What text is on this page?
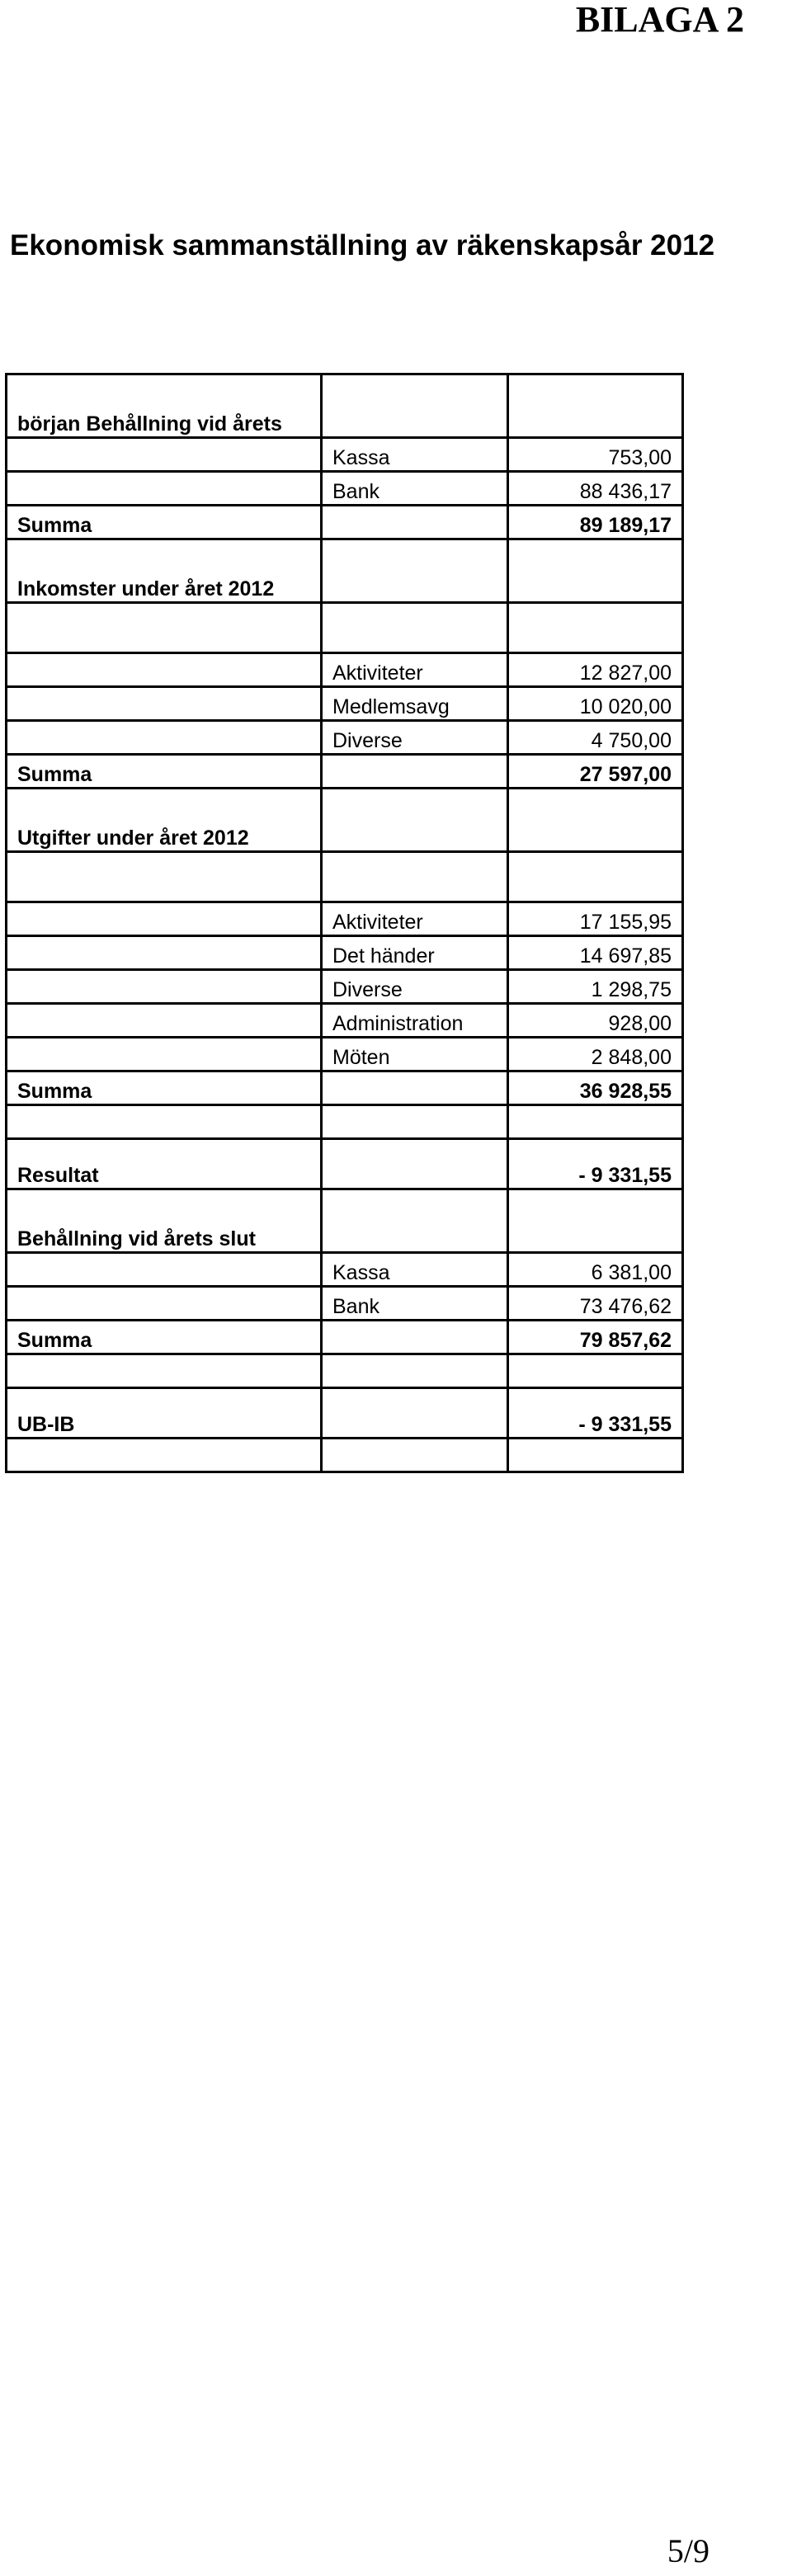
BILAGA 2
Ekonomisk sammanställning av räkenskapsår 2012
början Behållning vid årets		
	Kassa	753,00
	Bank	88 436,17
Summa		89 189,17
Inkomster under året 2012		

	Aktiviteter	12 827,00
	Medlemsavg	10 020,00
	Diverse	4 750,00
Summa		27 597,00
Utgifter under året 2012		

	Aktiviteter	17 155,95
	Det händer	14 697,85
	Diverse	1 298,75
	Administration	928,00
	Möten	2 848,00
Summa		36 928,55

Resultat		- 9 331,55
Behållning vid årets slut		
	Kassa	6 381,00
	Bank	73 476,62
Summa		79 857,62

UB-IB		- 9 331,55

5/9
